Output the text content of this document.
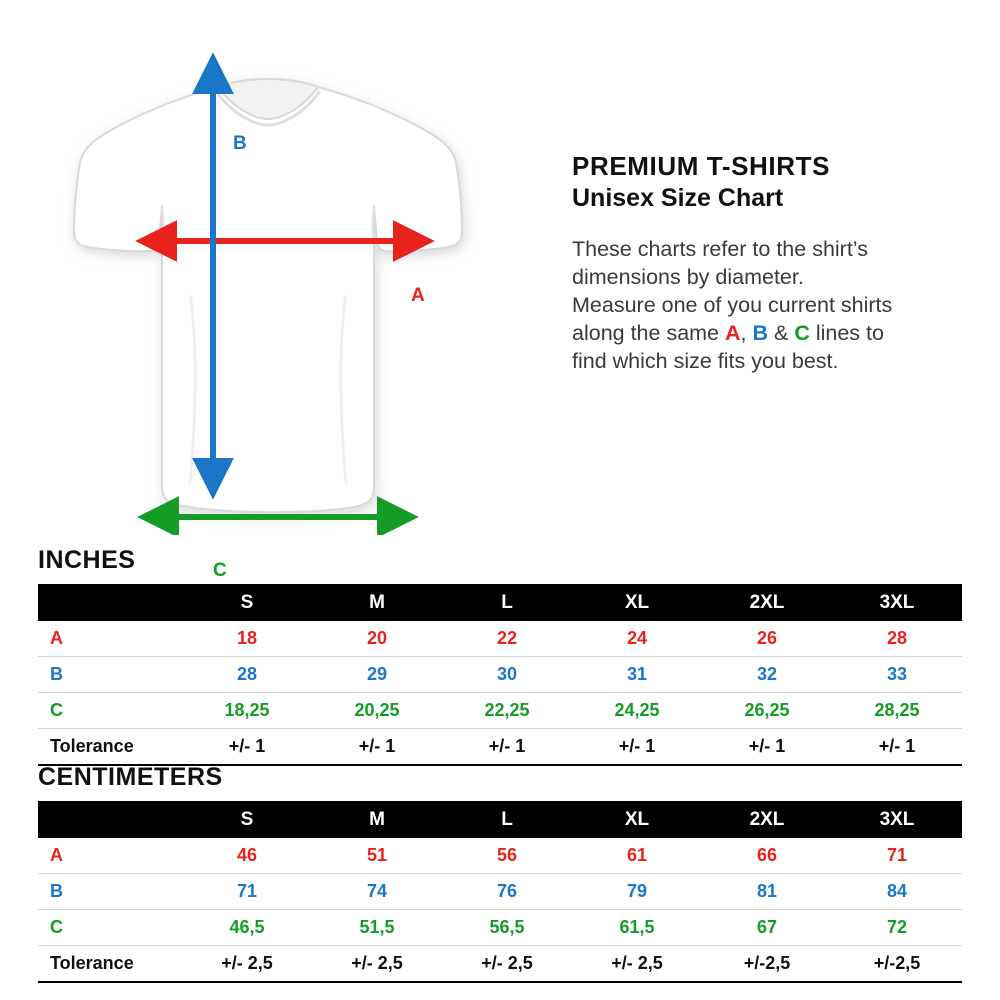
A
B
C
PREMIUM T-SHIRTS
Unisex Size Chart

These charts refer to the shirt’s
dimensions by diameter.
Measure one of you current shirts
along the same A, B & C lines to
find which size fits you best.

INCHES
	S	M	L	XL	2XL	3XL
A	18	20	22	24	26	28
B	28	29	30	31	32	33
C	18,25	20,25	22,25	24,25	26,25	28,25
Tolerance	+/- 1	+/- 1	+/- 1	+/- 1	+/- 1	+/- 1
CENTIMETERS
	S	M	L	XL	2XL	3XL
A	46	51	56	61	66	71
B	71	74	76	79	81	84
C	46,5	51,5	56,5	61,5	67	72
Tolerance	+/- 2,5	+/- 2,5	+/- 2,5	+/- 2,5	+/-2,5	+/-2,5
